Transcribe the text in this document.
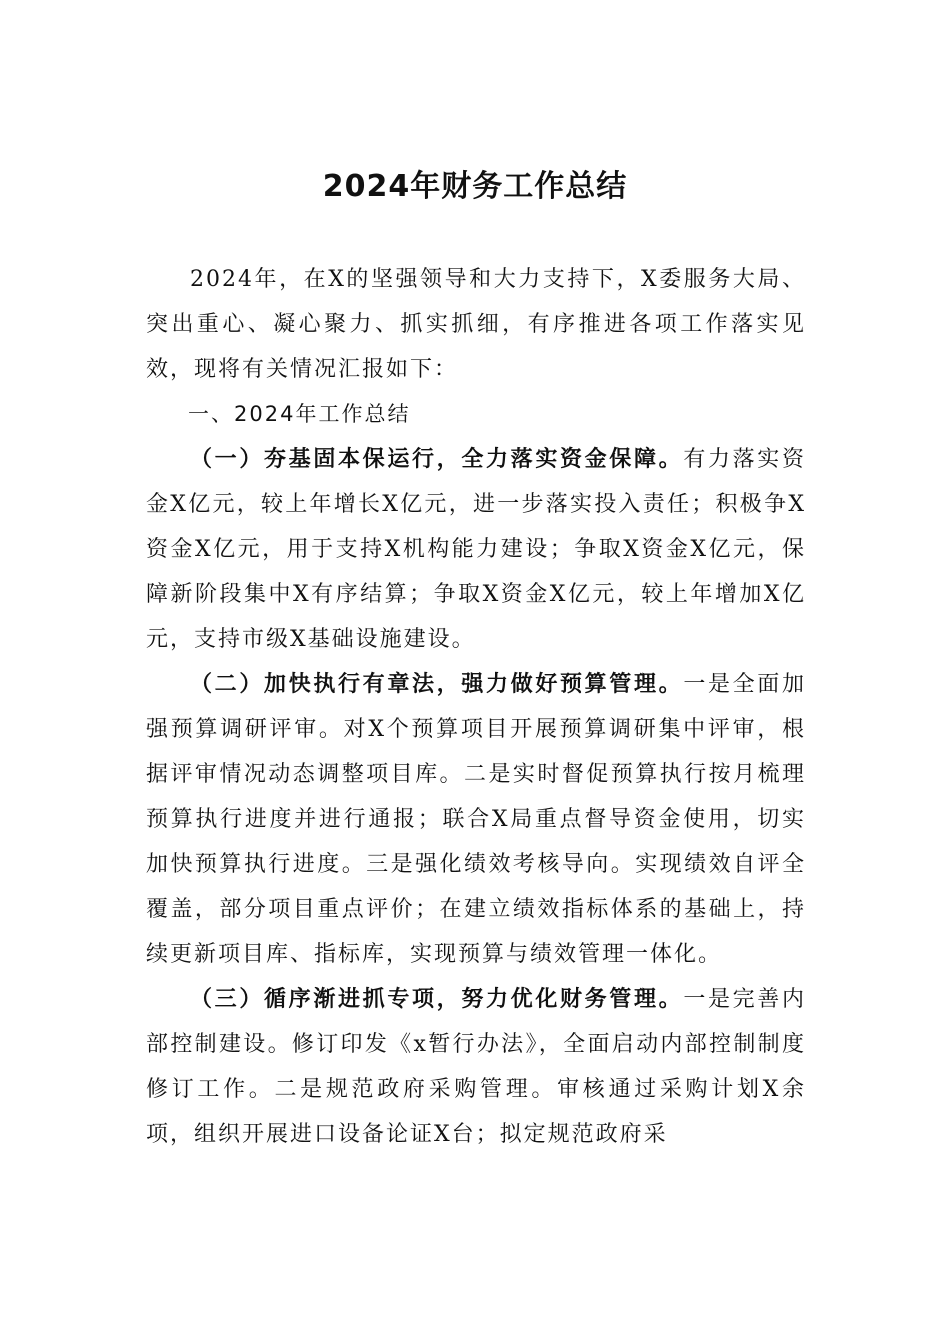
2024年财务工作总结

2024年，在X的坚强领导和大力支持下，X委服务大局、突出重心、凝心聚力、抓实抓细，有序推进各项工作落实见效，现将有关情况汇报如下：

一、2024年工作总结

（一）夯基固本保运行，全力落实资金保障。有力落实资金X亿元，较上年增长X亿元，进一步落实投入责任；积极争X资金X亿元，用于支持X机构能力建设；争取X资金X亿元，保障新阶段集中X有序结算；争取X资金X亿元，较上年增加X亿元，支持市级X基础设施建设。

（二）加快执行有章法，强力做好预算管理。一是全面加强预算调研评审。对X个预算项目开展预算调研集中评审，根据评审情况动态调整项目库。二是实时督促预算执行按月梳理预算执行进度并进行通报；联合X局重点督导资金使用，切实加快预算执行进度。三是强化绩效考核导向。实现绩效自评全覆盖，部分项目重点评价；在建立绩效指标体系的基础上，持续更新项目库、指标库，实现预算与绩效管理一体化。

（三）循序渐进抓专项，努力优化财务管理。一是完善内部控制建设。修订印发《x暂行办法》，全面启动内部控制制度修订工作。二是规范政府采购管理。审核通过采购计划X余项，组织开展进口设备论证X台；拟定规范政府采
